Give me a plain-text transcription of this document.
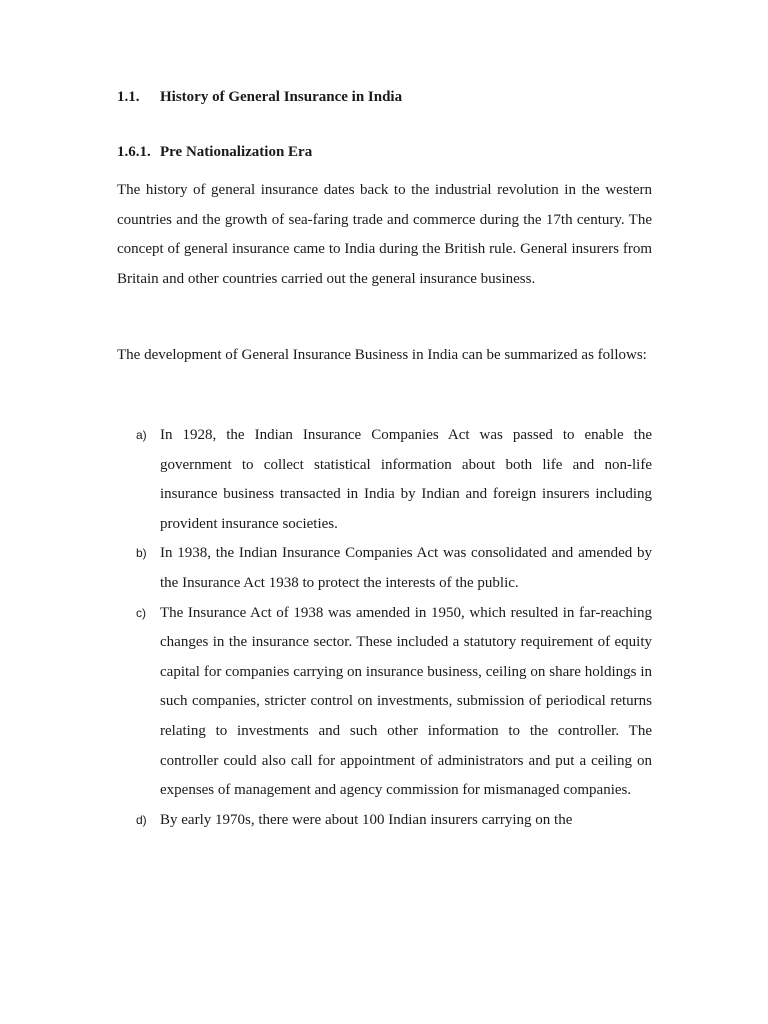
1.1. History of General Insurance in India
1.6.1. Pre Nationalization Era

The history of general insurance dates back to the industrial revolution in the western countries and the growth of sea-faring trade and commerce during the 17th century. The concept of general insurance came to India during the British rule. General insurers from Britain and other countries carried out the general insurance business.

The development of General Insurance Business in India can be summarized as follows:

a) In 1928, the Indian Insurance Companies Act was passed to enable the government to collect statistical information about both life and non-life insurance business transacted in India by Indian and foreign insurers including provident insurance societies.
b) In 1938, the Indian Insurance Companies Act was consolidated and amended by the Insurance Act 1938 to protect the interests of the public.
c) The Insurance Act of 1938 was amended in 1950, which resulted in far-reaching changes in the insurance sector. These included a statutory requirement of equity capital for companies carrying on insurance business, ceiling on share holdings in such companies, stricter control on investments, submission of periodical returns relating to investments and such other information to the controller. The controller could also call for appointment of administrators and put a ceiling on expenses of management and agency commission for mismanaged companies.
d) By early 1970s, there were about 100 Indian insurers carrying on the
